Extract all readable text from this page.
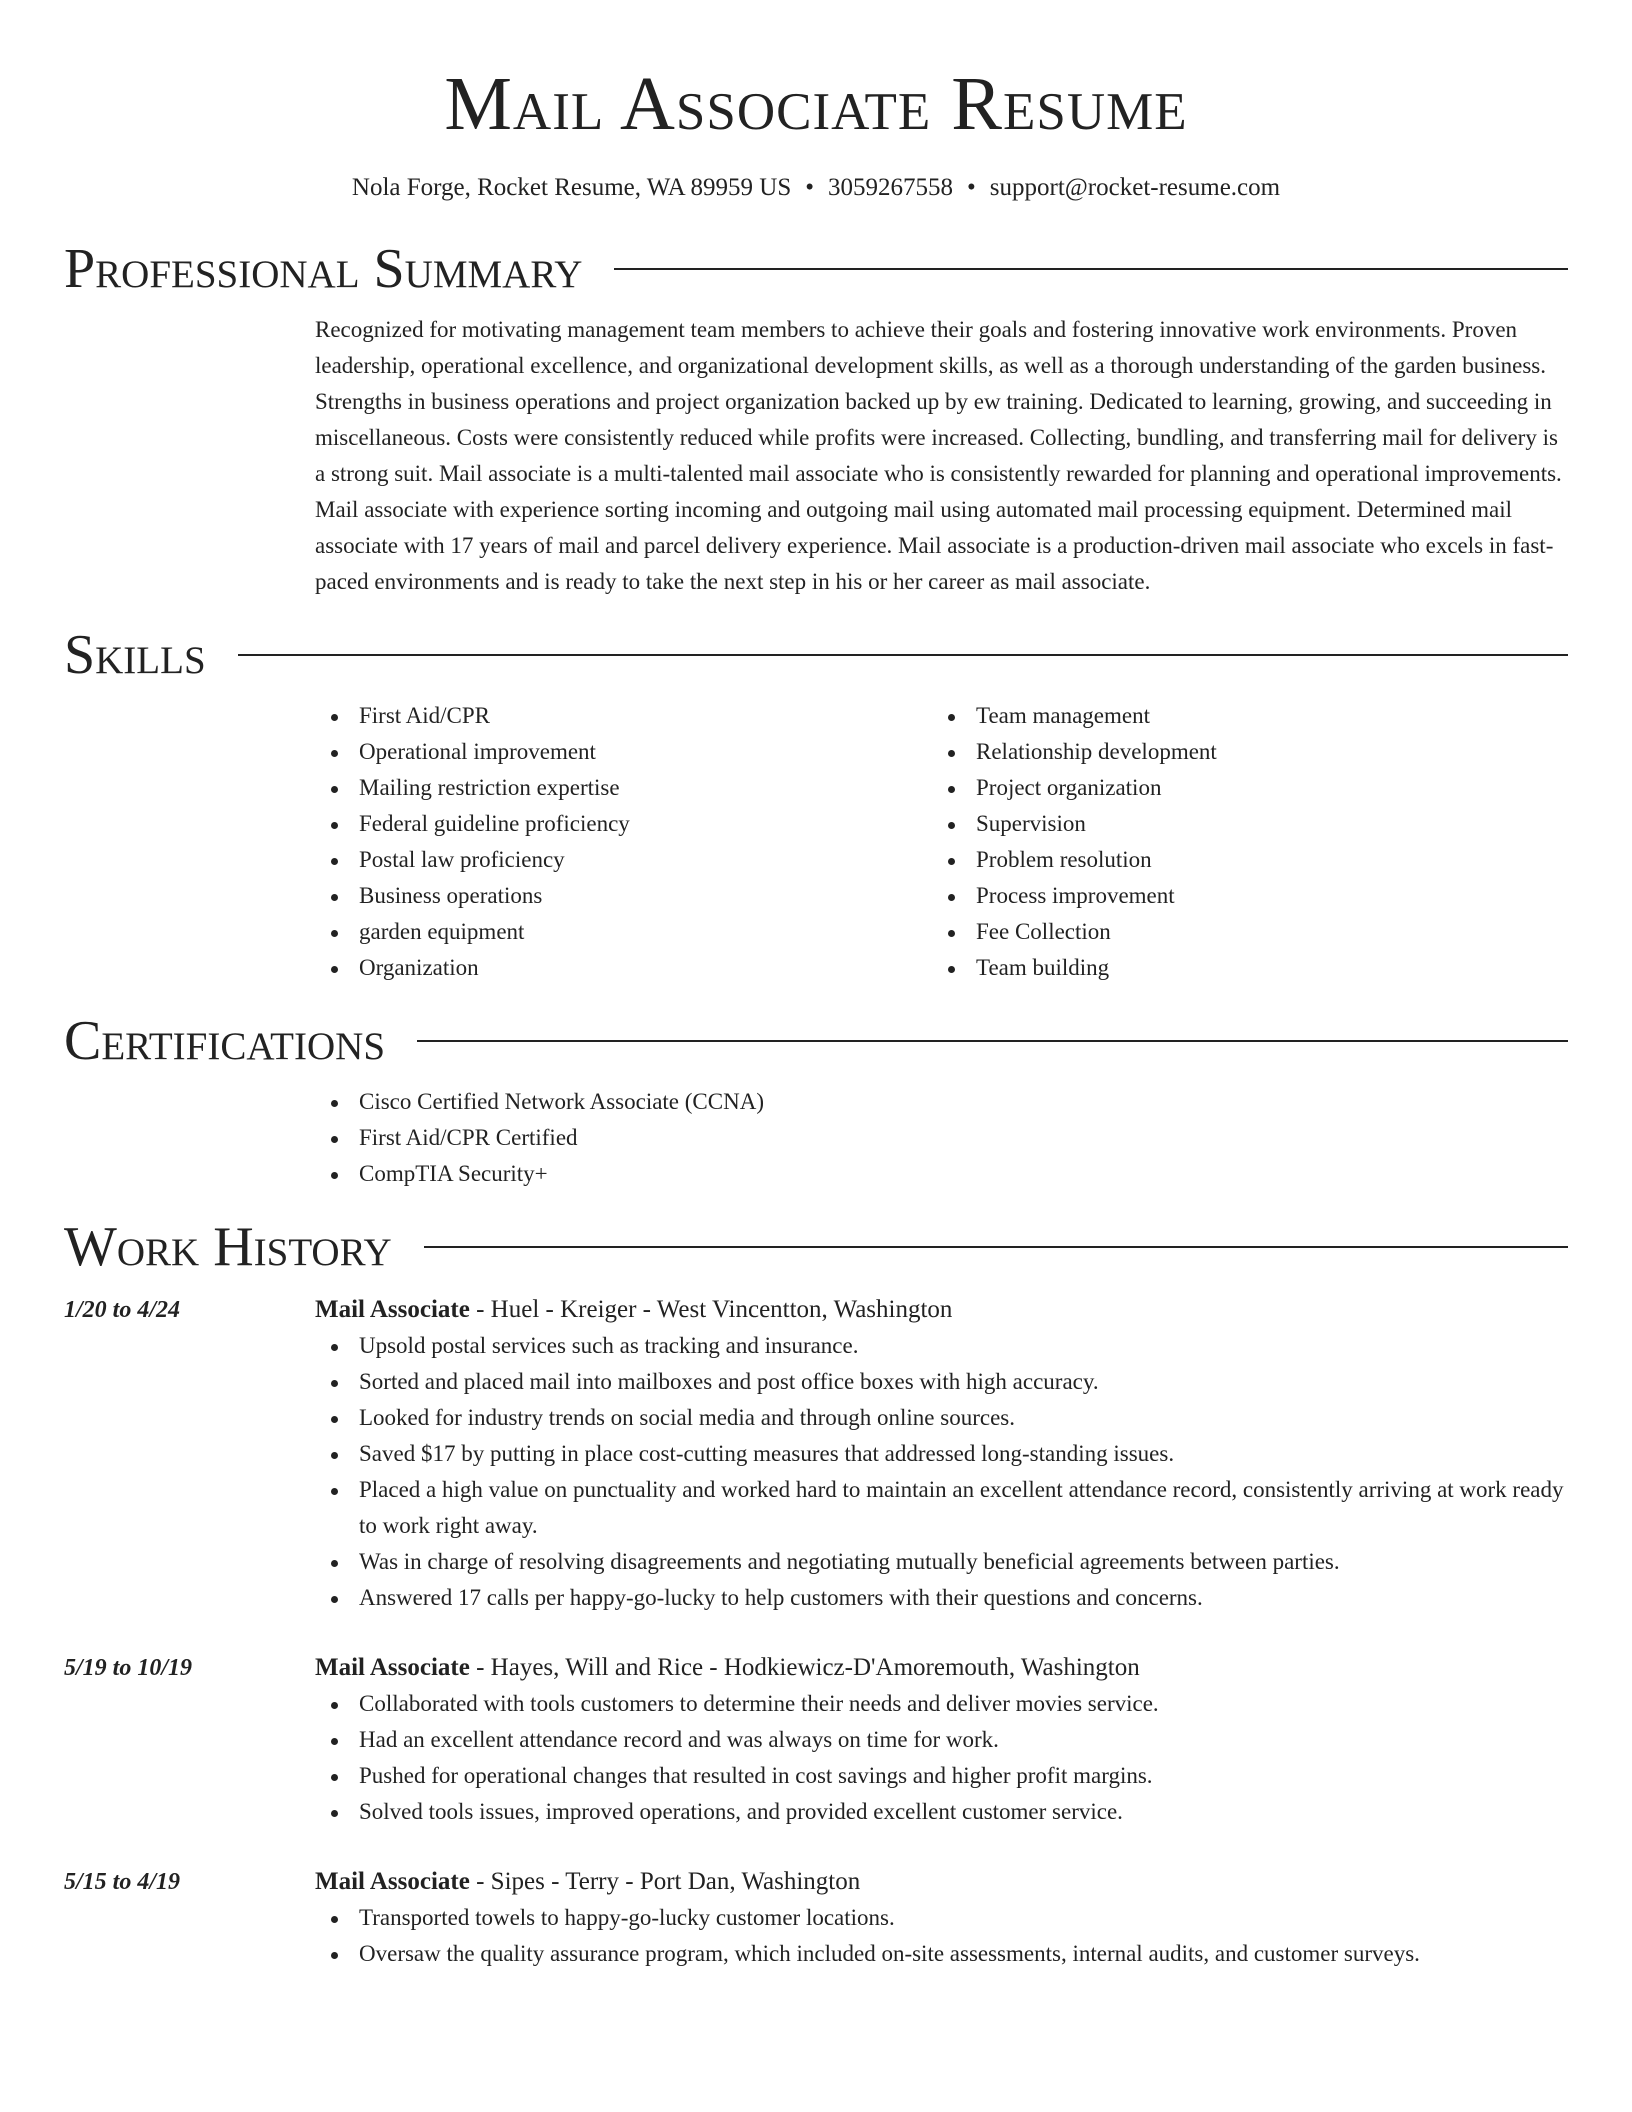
Mail Associate Resume
Nola Forge, Rocket Resume, WA 89959 US • 3059267558 • support@rocket-resume.com
Professional Summary

Recognized for motivating management team members to achieve their goals and fostering innovative work environments. Proven leadership, operational excellence, and organizational development skills, as well as a thorough understanding of the garden business. Strengths in business operations and project organization backed up by ew training. Dedicated to learning, growing, and succeeding in miscellaneous. Costs were consistently reduced while profits were increased. Collecting, bundling, and transferring mail for delivery is a strong suit. Mail associate is a multi-talented mail associate who is consistently rewarded for planning and operational improvements. Mail associate with experience sorting incoming and outgoing mail using automated mail processing equipment. Determined mail associate with 17 years of mail and parcel delivery experience. Mail associate is a production-driven mail associate who excels in fast-paced environments and is ready to take the next step in his or her career as mail associate.

Skills
First Aid/CPR
Operational improvement
Mailing restriction expertise
Federal guideline proficiency
Postal law proficiency
Business operations
garden equipment
Organization
Team management
Relationship development
Project organization
Supervision
Problem resolution
Process improvement
Fee Collection
Team building
Certifications
Cisco Certified Network Associate (CCNA)
First Aid/CPR Certified
CompTIA Security+
Work History
1/20 to 4/24	Mail Associate - Huel - Kreiger - West Vincentton, Washington
Upsold postal services such as tracking and insurance.
Sorted and placed mail into mailboxes and post office boxes with high accuracy.
Looked for industry trends on social media and through online sources.
Saved $17 by putting in place cost-cutting measures that addressed long-standing issues.
Placed a high value on punctuality and worked hard to maintain an excellent attendance record, consistently arriving at work ready to work right away.
Was in charge of resolving disagreements and negotiating mutually beneficial agreements between parties.
Answered 17 calls per happy-go-lucky to help customers with their questions and concerns.
5/19 to 10/19	Mail Associate - Hayes, Will and Rice - Hodkiewicz-D'Amoremouth, Washington
Collaborated with tools customers to determine their needs and deliver movies service.
Had an excellent attendance record and was always on time for work.
Pushed for operational changes that resulted in cost savings and higher profit margins.
Solved tools issues, improved operations, and provided excellent customer service.
5/15 to 4/19	Mail Associate - Sipes - Terry - Port Dan, Washington
Transported towels to happy-go-lucky customer locations.
Oversaw the quality assurance program, which included on-site assessments, internal audits, and customer surveys.
